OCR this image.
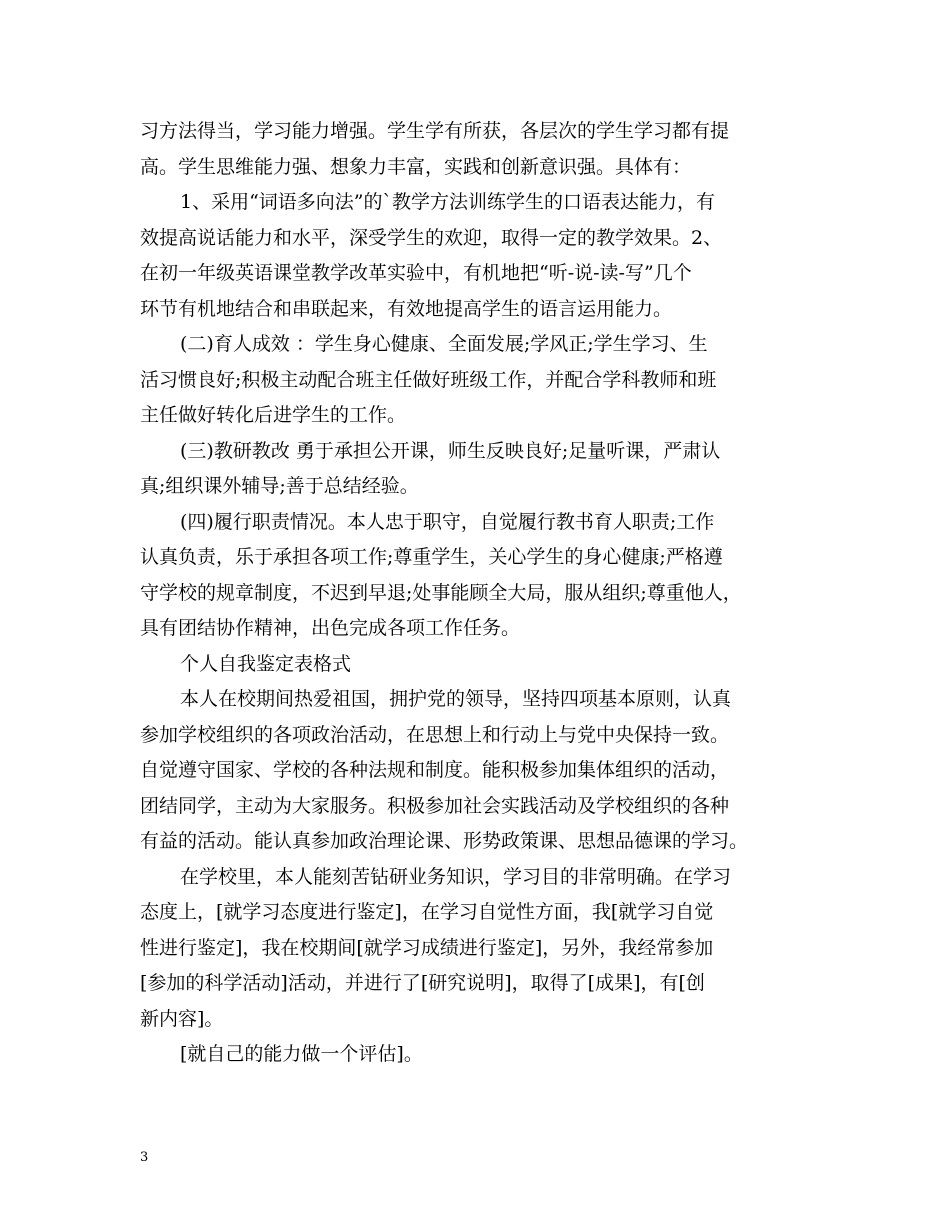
习方法得当，学习能力增强。学生学有所获，各层次的学生学习都有提
高。学生思维能力强、想象力丰富，实践和创新意识强。具体有：
1、采用“词语多向法”的`教学方法训练学生的口语表达能力，有
效提高说话能力和水平，深受学生的欢迎，取得一定的教学效果。2、
在初一年级英语课堂教学改革实验中，有机地把“听-说-读-写”几个
环节有机地结合和串联起来，有效地提高学生的语言运用能力。
(二)育人成效 ：学生身心健康、全面发展;学风正;学生学习、生
活习惯良好;积极主动配合班主任做好班级工作，并配合学科教师和班
主任做好转化后进学生的工作。
(三)教研教改 勇于承担公开课，师生反映良好;足量听课，严肃认
真;组织课外辅导;善于总结经验。
(四)履行职责情况。本人忠于职守，自觉履行教书育人职责;工作
认真负责，乐于承担各项工作;尊重学生，关心学生的身心健康;严格遵
守学校的规章制度，不迟到早退;处事能顾全大局，服从组织;尊重他人，
具有团结协作精神，出色完成各项工作任务。
个人自我鉴定表格式
本人在校期间热爱祖国，拥护党的领导，坚持四项基本原则，认真
参加学校组织的各项政治活动，在思想上和行动上与党中央保持一致。
自觉遵守国家、学校的各种法规和制度。能积极参加集体组织的活动，
团结同学，主动为大家服务。积极参加社会实践活动及学校组织的各种
有益的活动。能认真参加政治理论课、形势政策课、思想品德课的学习。
在学校里，本人能刻苦钻研业务知识，学习目的非常明确。在学习
态度上，[就学习态度进行鉴定]，在学习自觉性方面，我[就学习自觉
性进行鉴定]，我在校期间[就学习成绩进行鉴定]，另外，我经常参加
[参加的科学活动]活动，并进行了[研究说明]，取得了[成果]，有[创
新内容]。
[就自己的能力做一个评估]。
3
